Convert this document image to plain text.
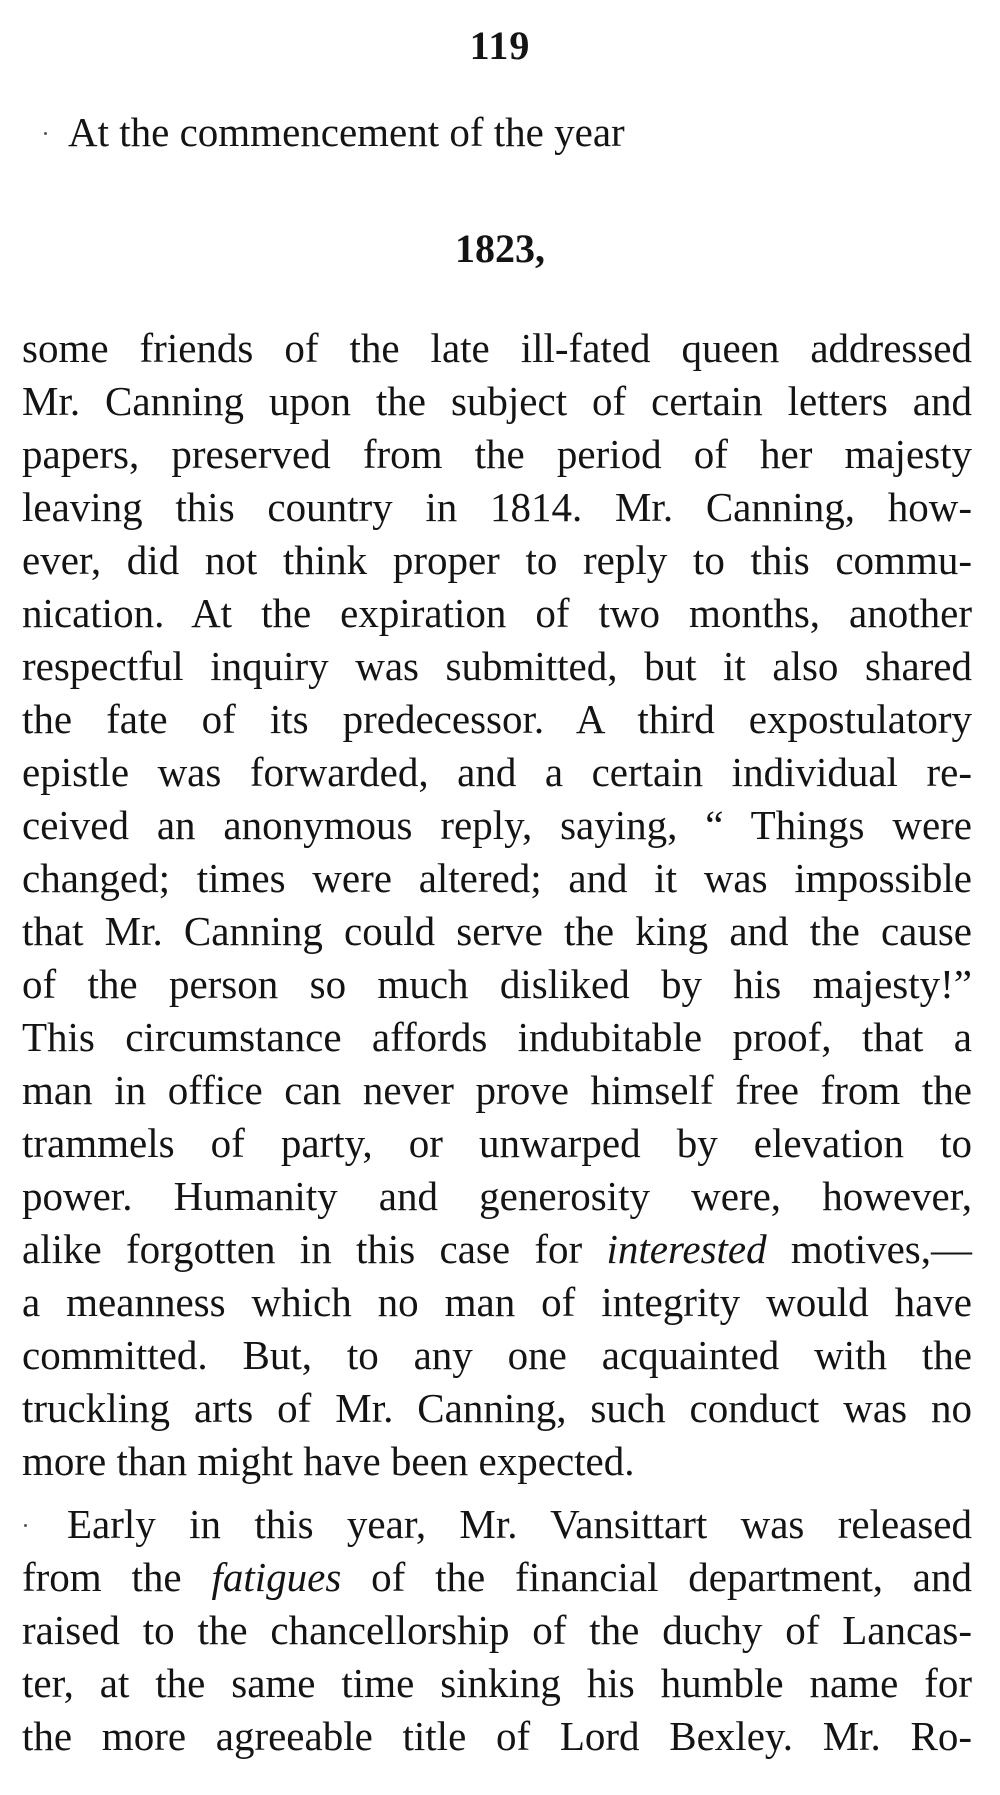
119
At the commencement of the year
1823,
some friends of the late ill-fated queen addressed
Mr. Canning upon the subject of certain letters and
papers, preserved from the period of her majesty
leaving this country in 1814. Mr. Canning, how-
ever, did not think proper to reply to this commu-
nication. At the expiration of two months, another
respectful inquiry was submitted, but it also shared
the fate of its predecessor. A third expostulatory
epistle was forwarded, and a certain individual re-
ceived an anonymous reply, saying, “ Things were
changed; times were altered; and it was impossible
that Mr. Canning could serve the king and the cause
of the person so much disliked by his majesty!”
This circumstance affords indubitable proof, that a
man in office can never prove himself free from the
trammels of party, or unwarped by elevation to
power. Humanity and generosity were, however,
alike forgotten in this case for interested motives,—
a meanness which no man of integrity would have
committed. But, to any one acquainted with the
truckling arts of Mr. Canning, such conduct was no
more than might have been expected.
Early in this year, Mr. Vansittart was released
from the fatigues of the financial department, and
raised to the chancellorship of the duchy of Lancas-
ter, at the same time sinking his humble name for
the more agreeable title of Lord Bexley. Mr. Ro-
